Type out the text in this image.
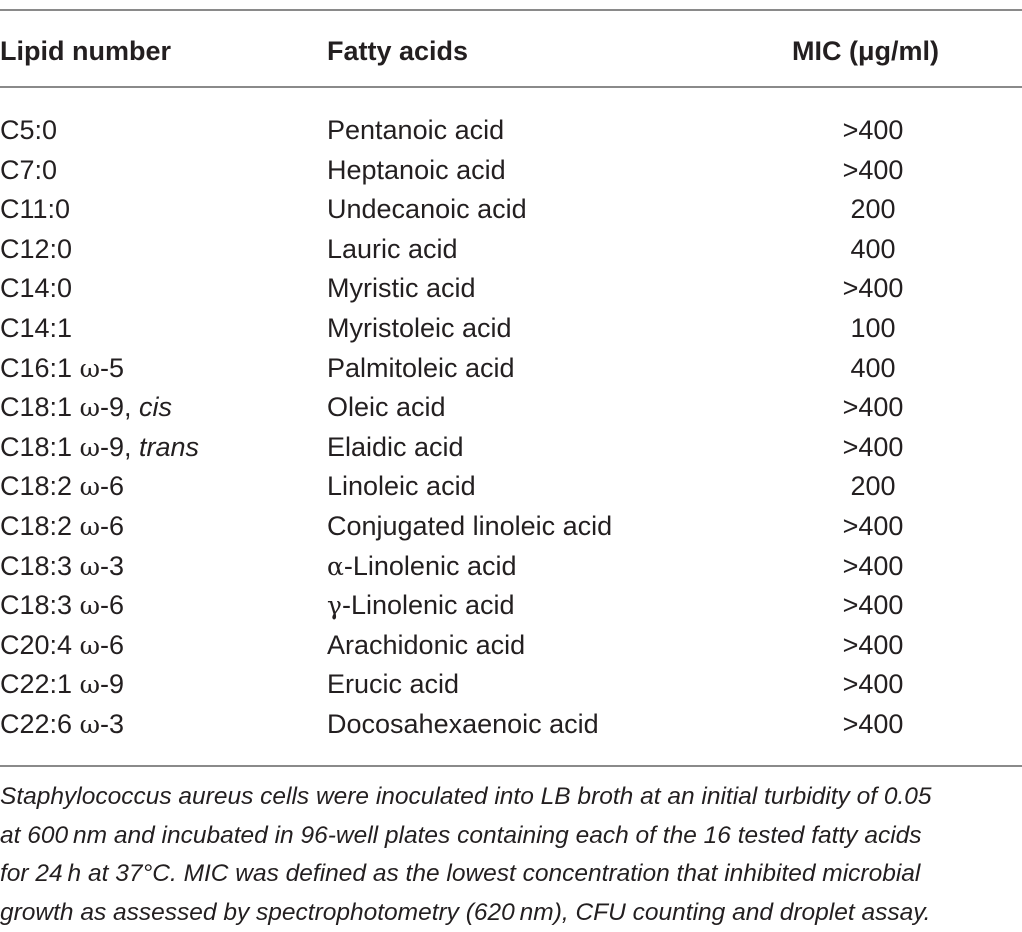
Lipid number	Fatty acids	MIC (μg/ml)
C5:0	Pentanoic acid	>400
C7:0	Heptanoic acid	>400
C11:0	Undecanoic acid	200
C12:0	Lauric acid	400
C14:0	Myristic acid	>400
C14:1	Myristoleic acid	100
C16:1 ω-5	Palmitoleic acid	400
C18:1 ω-9, cis	Oleic acid	>400
C18:1 ω-9, trans	Elaidic acid	>400
C18:2 ω-6	Linoleic acid	200
C18:2 ω-6	Conjugated linoleic acid	>400
C18:3 ω-3	α-Linolenic acid	>400
C18:3 ω-6	γ-Linolenic acid	>400
C20:4 ω-6	Arachidonic acid	>400
C22:1 ω-9	Erucic acid	>400
C22:6 ω-3	Docosahexaenoic acid	>400
Staphylococcus aureus cells were inoculated into LB broth at an initial turbidity of 0.05
at 600 nm and incubated in 96-well plates containing each of the 16 tested fatty acids
for 24 h at 37°C. MIC was defined as the lowest concentration that inhibited microbial
growth as assessed by spectrophotometry (620 nm), CFU counting and droplet assay.
